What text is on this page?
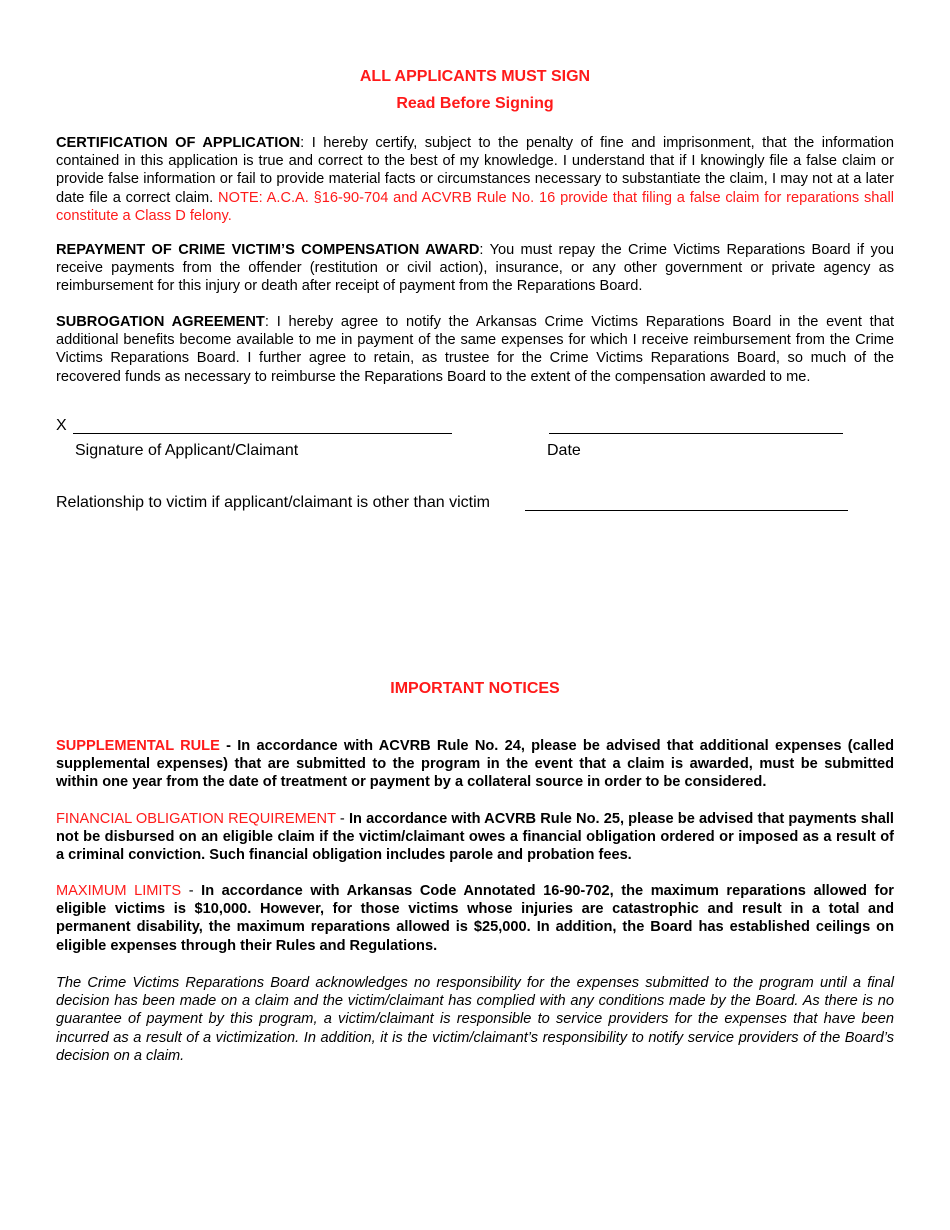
ALL APPLICANTS MUST SIGN
Read Before Signing
CERTIFICATION OF APPLICATION: I hereby certify, subject to the penalty of fine and imprisonment, that the information contained in this application is true and correct to the best of my knowledge. I understand that if I knowingly file a false claim or provide false information or fail to provide material facts or circumstances necessary to substantiate the claim, I may not at a later date file a correct claim. NOTE: A.C.A. §16-90-704 and ACVRB Rule No. 16 provide that filing a false claim for reparations shall constitute a Class D felony.
REPAYMENT OF CRIME VICTIM’S COMPENSATION AWARD: You must repay the Crime Victims Reparations Board if you receive payments from the offender (restitution or civil action), insurance, or any other government or private agency as reimbursement for this injury or death after receipt of payment from the Reparations Board.
SUBROGATION AGREEMENT: I hereby agree to notify the Arkansas Crime Victims Reparations Board in the event that additional benefits become available to me in payment of the same expenses for which I receive reimbursement from the Crime Victims Reparations Board. I further agree to retain, as trustee for the Crime Victims Reparations Board, so much of the recovered funds as necessary to reimburse the Reparations Board to the extent of the compensation awarded to me.
X
Signature of Applicant/Claimant	Date
Relationship to victim if applicant/claimant is other than victim
IMPORTANT NOTICES
SUPPLEMENTAL RULE - In accordance with ACVRB Rule No. 24, please be advised that additional expenses (called supplemental expenses) that are submitted to the program in the event that a claim is awarded, must be submitted within one year from the date of treatment or payment by a collateral source in order to be considered.
FINANCIAL OBLIGATION REQUIREMENT - In accordance with ACVRB Rule No. 25, please be advised that payments shall not be disbursed on an eligible claim if the victim/claimant owes a financial obligation ordered or imposed as a result of a criminal conviction. Such financial obligation includes parole and probation fees.
MAXIMUM LIMITS - In accordance with Arkansas Code Annotated 16-90-702, the maximum reparations allowed for eligible victims is $10,000. However, for those victims whose injuries are catastrophic and result in a total and permanent disability, the maximum reparations allowed is $25,000. In addition, the Board has established ceilings on eligible expenses through their Rules and Regulations.
The Crime Victims Reparations Board acknowledges no responsibility for the expenses submitted to the program until a final decision has been made on a claim and the victim/claimant has complied with any conditions made by the Board. As there is no guarantee of payment by this program, a victim/claimant is responsible to service providers for the expenses that have been incurred as a result of a victimization. In addition, it is the victim/claimant’s responsibility to notify service providers of the Board’s decision on a claim.
